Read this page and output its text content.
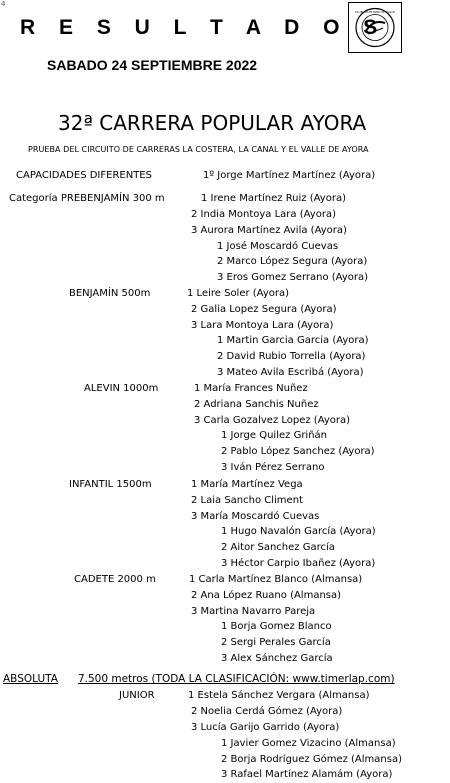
4
R E S U L T A D O S
SABADO 24 SEPTIEMBRE 2022
CLUB ATLETISMO EL VALLE
32ª CARRERA POPULAR AYORA
PRUEBA DEL CIRCUITO DE CARRERAS LA COSTERA, LA CANAL Y EL VALLE DE AYORA
CAPACIDADES DIFERENTES	1º Jorge Martínez Martínez (Ayora)
Categoría PREBENJAMÍN 300 m	1 Irene Martínez Ruiz (Ayora)
2 India Montoya Lara (Ayora)
3 Aurora Martínez Avila (Ayora)
1 José Moscardó Cuevas
2 Marco López Segura (Ayora)
3 Eros Gomez Serrano (Ayora)
BENJAMÍN 500m	1 Leire Soler (Ayora)
2 Galia Lopez Segura (Ayora)
3 Lara Montoya Lara (Ayora)
1 Martin Garcia Garcia (Ayora)
2 David Rubio Torrella (Ayora)
3 Mateo Avila Escribá (Ayora)
ALEVIN 1000m	1 María Frances Nuñez
2 Adriana Sanchis Nuñez
3 Carla Gozalvez Lopez (Ayora)
1 Jorge Quilez Griñán
2 Pablo López Sanchez (Ayora)
3 Iván Pérez Serrano
INFANTIL 1500m	1 María Martínez Vega
2 Laia Sancho Climent
3 María Moscardó Cuevas
1 Hugo Navalón García (Ayora)
2 Aitor Sanchez García
3 Héctor Carpio Ibañez (Ayora)
CADETE 2000 m	1 Carla Martínez Blanco (Almansa)
2 Ana López Ruano (Almansa)
3 Martina Navarro Pareja
1 Borja Gomez Blanco
2 Sergi Perales García
3 Alex Sánchez García
ABSOLUTA 7.500 metros (TODA LA CLASIFICACIÓN: www.timerlap.com)
JUNIOR	1 Estela Sánchez Vergara (Almansa)
2 Noelia Cerdá Gómez (Ayora)
3 Lucía Garijo Garrido (Ayora)
1 Javier Gomez Vizacino (Almansa)
2 Borja Rodríguez Gómez (Almansa)
3 Rafael Martínez Alamám (Ayora)
